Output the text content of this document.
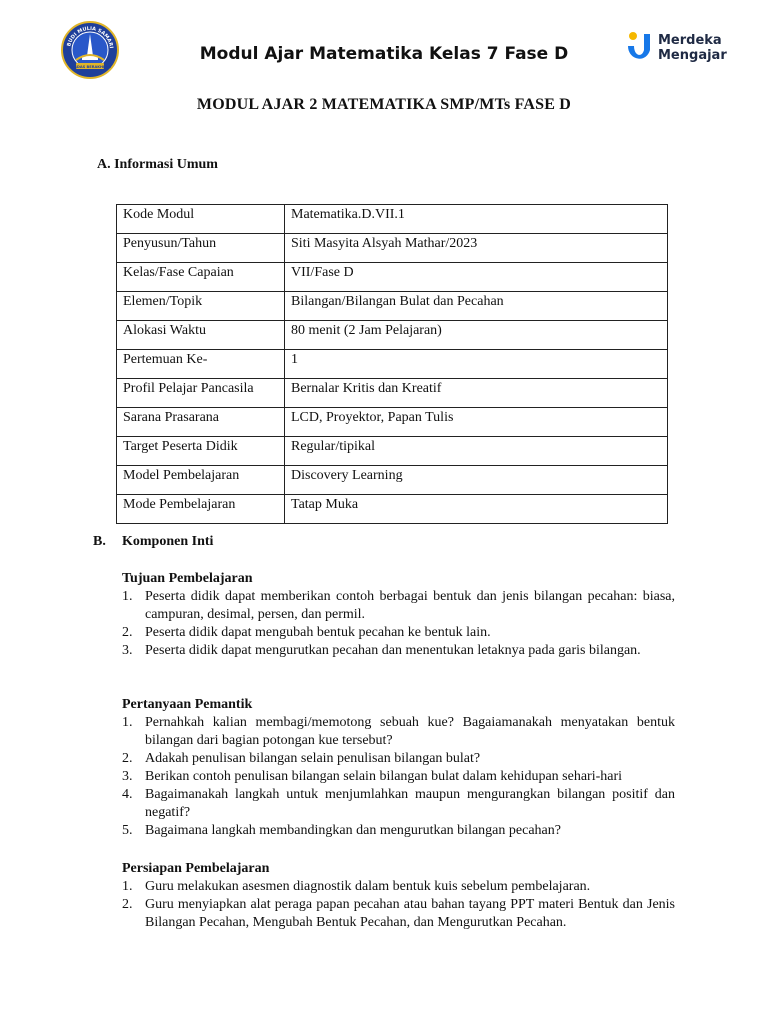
BUDI MULIA SAMARI
CERDAS BERAKHLAK
Modul Ajar Matematika Kelas 7 Fase D
Merdeka
Mengajar
MODUL AJAR 2 MATEMATIKA SMP/MTs FASE D
A. Informasi Umum
Kode Modul	Matematika.D.VII.1
Penyusun/Tahun	Siti Masyita Alsyah Mathar/2023
Kelas/Fase Capaian	VII/Fase D
Elemen/Topik	Bilangan/Bilangan Bulat dan Pecahan
Alokasi Waktu	80 menit (2 Jam Pelajaran)
Pertemuan Ke-	1
Profil Pelajar Pancasila	Bernalar Kritis dan Kreatif
Sarana Prasarana	LCD, Proyektor, Papan Tulis
Target Peserta Didik	Regular/tipikal
Model Pembelajaran	Discovery Learning
Mode Pembelajaran	Tatap Muka
B. Komponen Inti
Tujuan Pembelajaran
1. Peserta didik dapat memberikan contoh berbagai bentuk dan jenis bilangan pecahan: biasa, campuran, desimal, persen, dan permil.
2. Peserta didik dapat mengubah bentuk pecahan ke bentuk lain.
3. Peserta didik dapat mengurutkan pecahan dan menentukan letaknya pada garis bilangan.
Pertanyaan Pemantik
1. Pernahkah kalian membagi/memotong sebuah kue? Bagaiamanakah menyatakan bentuk bilangan dari bagian potongan kue tersebut?
2. Adakah penulisan bilangan selain penulisan bilangan bulat?
3. Berikan contoh penulisan bilangan selain bilangan bulat dalam kehidupan sehari-hari
4. Bagaimanakah langkah untuk menjumlahkan maupun mengurangkan bilangan positif dan negatif?
5. Bagaimana langkah membandingkan dan mengurutkan bilangan pecahan?
Persiapan Pembelajaran
1. Guru melakukan asesmen diagnostik dalam bentuk kuis sebelum pembelajaran.
2. Guru menyiapkan alat peraga papan pecahan atau bahan tayang PPT materi Bentuk dan Jenis Bilangan Pecahan, Mengubah Bentuk Pecahan, dan Mengurutkan Pecahan.
